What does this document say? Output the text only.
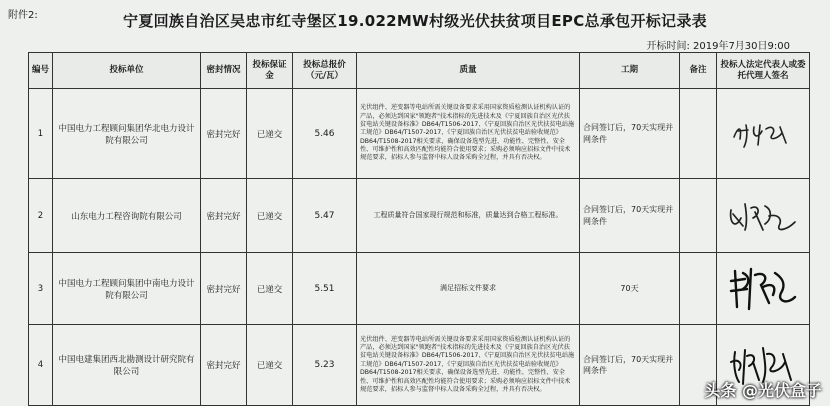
附件2:	宁夏回族自治区吴忠市红寺堡区19.022MW村级光伏扶贫项目EPC总承包开标记录表
开标时间: 2019年7月30日9:00
编号	投标单位	密封情况	投标保证金	投标总报价（元/瓦）	质量	工期	备注	投标人法定代表人或委托代理人签名
1	中国电力工程顾问集团华北电力设计院有限公司	密封完好	已递交	5.46	光伏组件、逆变器等电站所需关键设备要求采用国家资质检测认证机构认证的产品，必须达到国家"领跑者"技术指标的先进技术及《宁夏回族自治区光伏扶贫电站关键设备标准》DB64/T1506-2017、《宁夏回族自治区光伏扶贫电站施工规范》DB64/T1507-2017、《宁夏回族自治区光伏扶贫电站验收规范》DB64/T1508-2017相关要求，确保设备选型先进、功能性、完整性、安全性、可维护性和高效匹配性均能符合使用要求；采购必须响应招标文件中技术规范要求，招标人参与监督中标人设备采购全过程，并具有否决权。	合同签订后，70天实现并网条件		

2	山东电力工程咨询院有限公司	密封完好	已递交	5.47	工程质量符合国家现行规范和标准，质量达到合格工程标准。	合同签订后，70天实现并网条件		

3	中国电力工程顾问集团中南电力设计院有限公司	密封完好	已递交	5.51	满足招标文件要求	70天		

4	中国电建集团西北勘测设计研究院有限公司	密封完好	已递交	5.23	光伏组件、逆变器等电站所需关键设备要求采用国家资质检测认证机构认证的产品，必须达到国家"领跑者"技术指标的先进技术及《宁夏回族自治区光伏扶贫电站关键设备标准》DB64/T1506-2017、《宁夏回族自治区光伏扶贫电站施工规范》DB64/T1507-2017、《宁夏回族自治区光伏扶贫电站验收规范》DB64/T1508-2017相关要求，确保设备选型先进、功能性、完整性、安全性、可维护性和高效匹配性均能符合使用要求；采购必须响应招标文件中技术规范要求，招标人参与监督中标人设备采购全过程，并具有否决权。	合同签订后，70天实现并网条件		
头条 @光伏盒子
